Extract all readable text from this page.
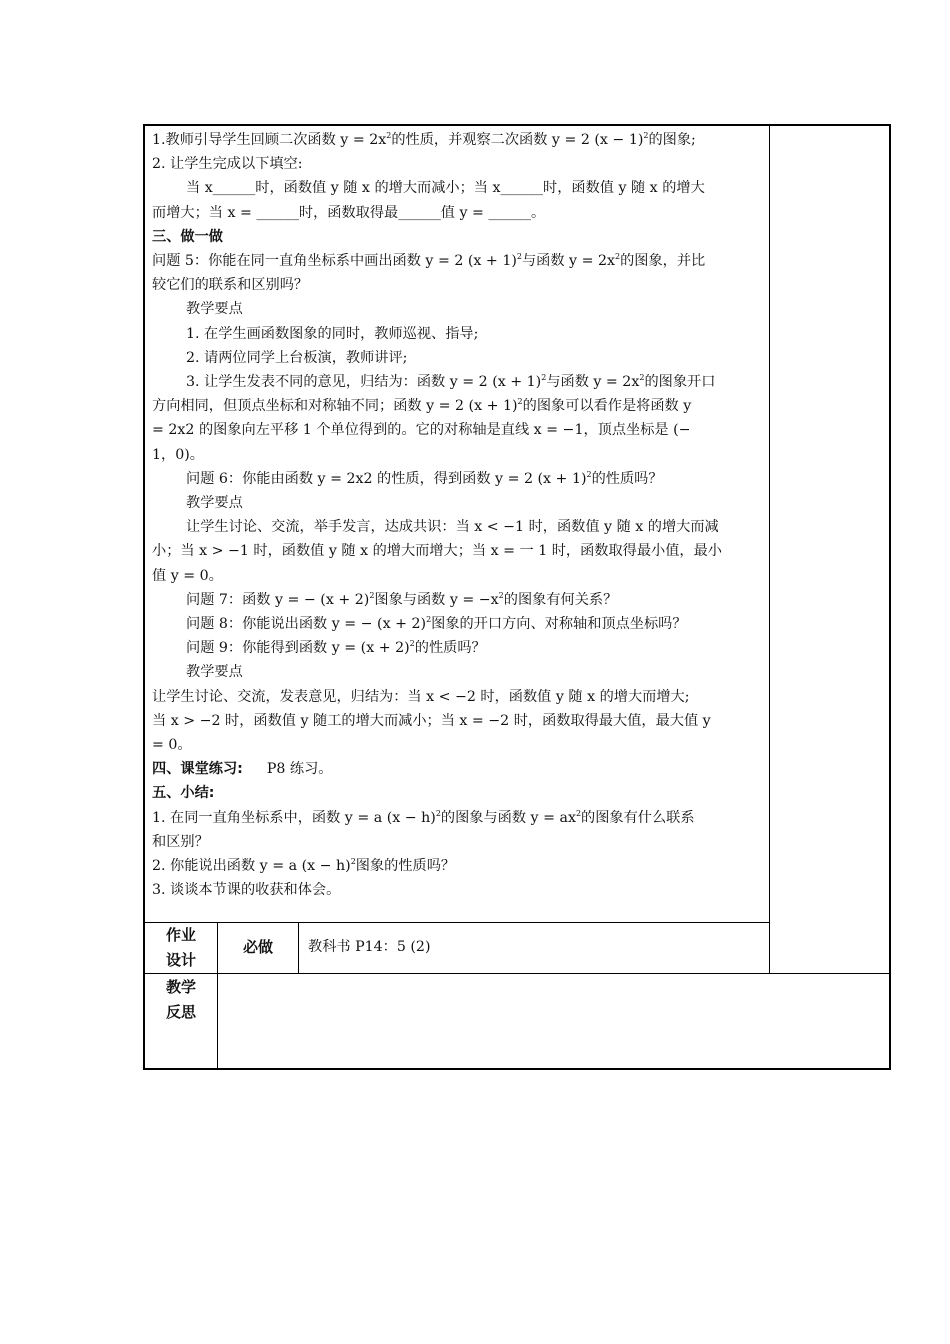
1.教师引导学生回顾二次函数 $y = 2x^2$的性质，并观察二次函数 y = 2 $(x - 1)^2$的图象;

2. 让学生完成以下填空:

当 x______时，函数值 y 随 x 的增大而减小；当 x______时，函数值 y 随 x 的增大

而增大；当 x = ______时，函数取得最______值 y = ______。

三、做一做

问题 5：你能在同一直角坐标系中画出函数 y = 2 $(x + 1)^2$与函数 $y = 2x^2$的图象，并比

较它们的联系和区别吗？

教学要点

1. 在学生画函数图象的同时，教师巡视、指导;

2. 请两位同学上台板演，教师讲评;

3. 让学生发表不同的意见，归结为：函数 y = 2 $(x + 1)^2$与函数 $y = 2x^2$的图象开口

方向相同，但顶点坐标和对称轴不同；函数 y = 2 $(x + 1)^2$的图象可以看作是将函数 y

= 2x2 的图象向左平移 1 个单位得到的。它的对称轴是直线 x = −1，顶点坐标是 (−

1，0)。

问题 6：你能由函数 y = 2x2 的性质，得到函数 y = 2 $(x + 1)^2$的性质吗？

教学要点

让学生讨论、交流，举手发言，达成共识：当 x < −1 时，函数值 y 随 x 的增大而减

小；当 x > −1 时，函数值 y 随 x 的增大而增大；当 x = 一 1 时，函数取得最小值，最小

值 y = 0。

问题 7：函数 y = − $(x + 2)^2$图象与函数 $y = -x^2$的图象有何关系？

问题 8：你能说出函数 y = − $(x + 2)^2$图象的开口方向、对称轴和顶点坐标吗？

问题 9：你能得到函数 $y = (x + 2)^2$的性质吗？

教学要点

让学生讨论、交流，发表意见，归结为：当 x < −2 时，函数值 y 随 x 的增大而增大;

当 x > −2 时，函数值 y 随工的增大而减小；当 x = −2 时，函数取得最大值，最大值 y

= 0。

四、课堂练习: P8 练习。

五、小结:

1. 在同一直角坐标系中，函数 y = a $(x - h)^2$的图象与函数 $y = ax^2$的图象有什么联系

和区别？

2. 你能说出函数 y = a $(x - h)^2$图象的性质吗？

3. 谈谈本节课的收获和体会。

作业
设计
必做	教科书 P14：5 (2)
教学
反思
